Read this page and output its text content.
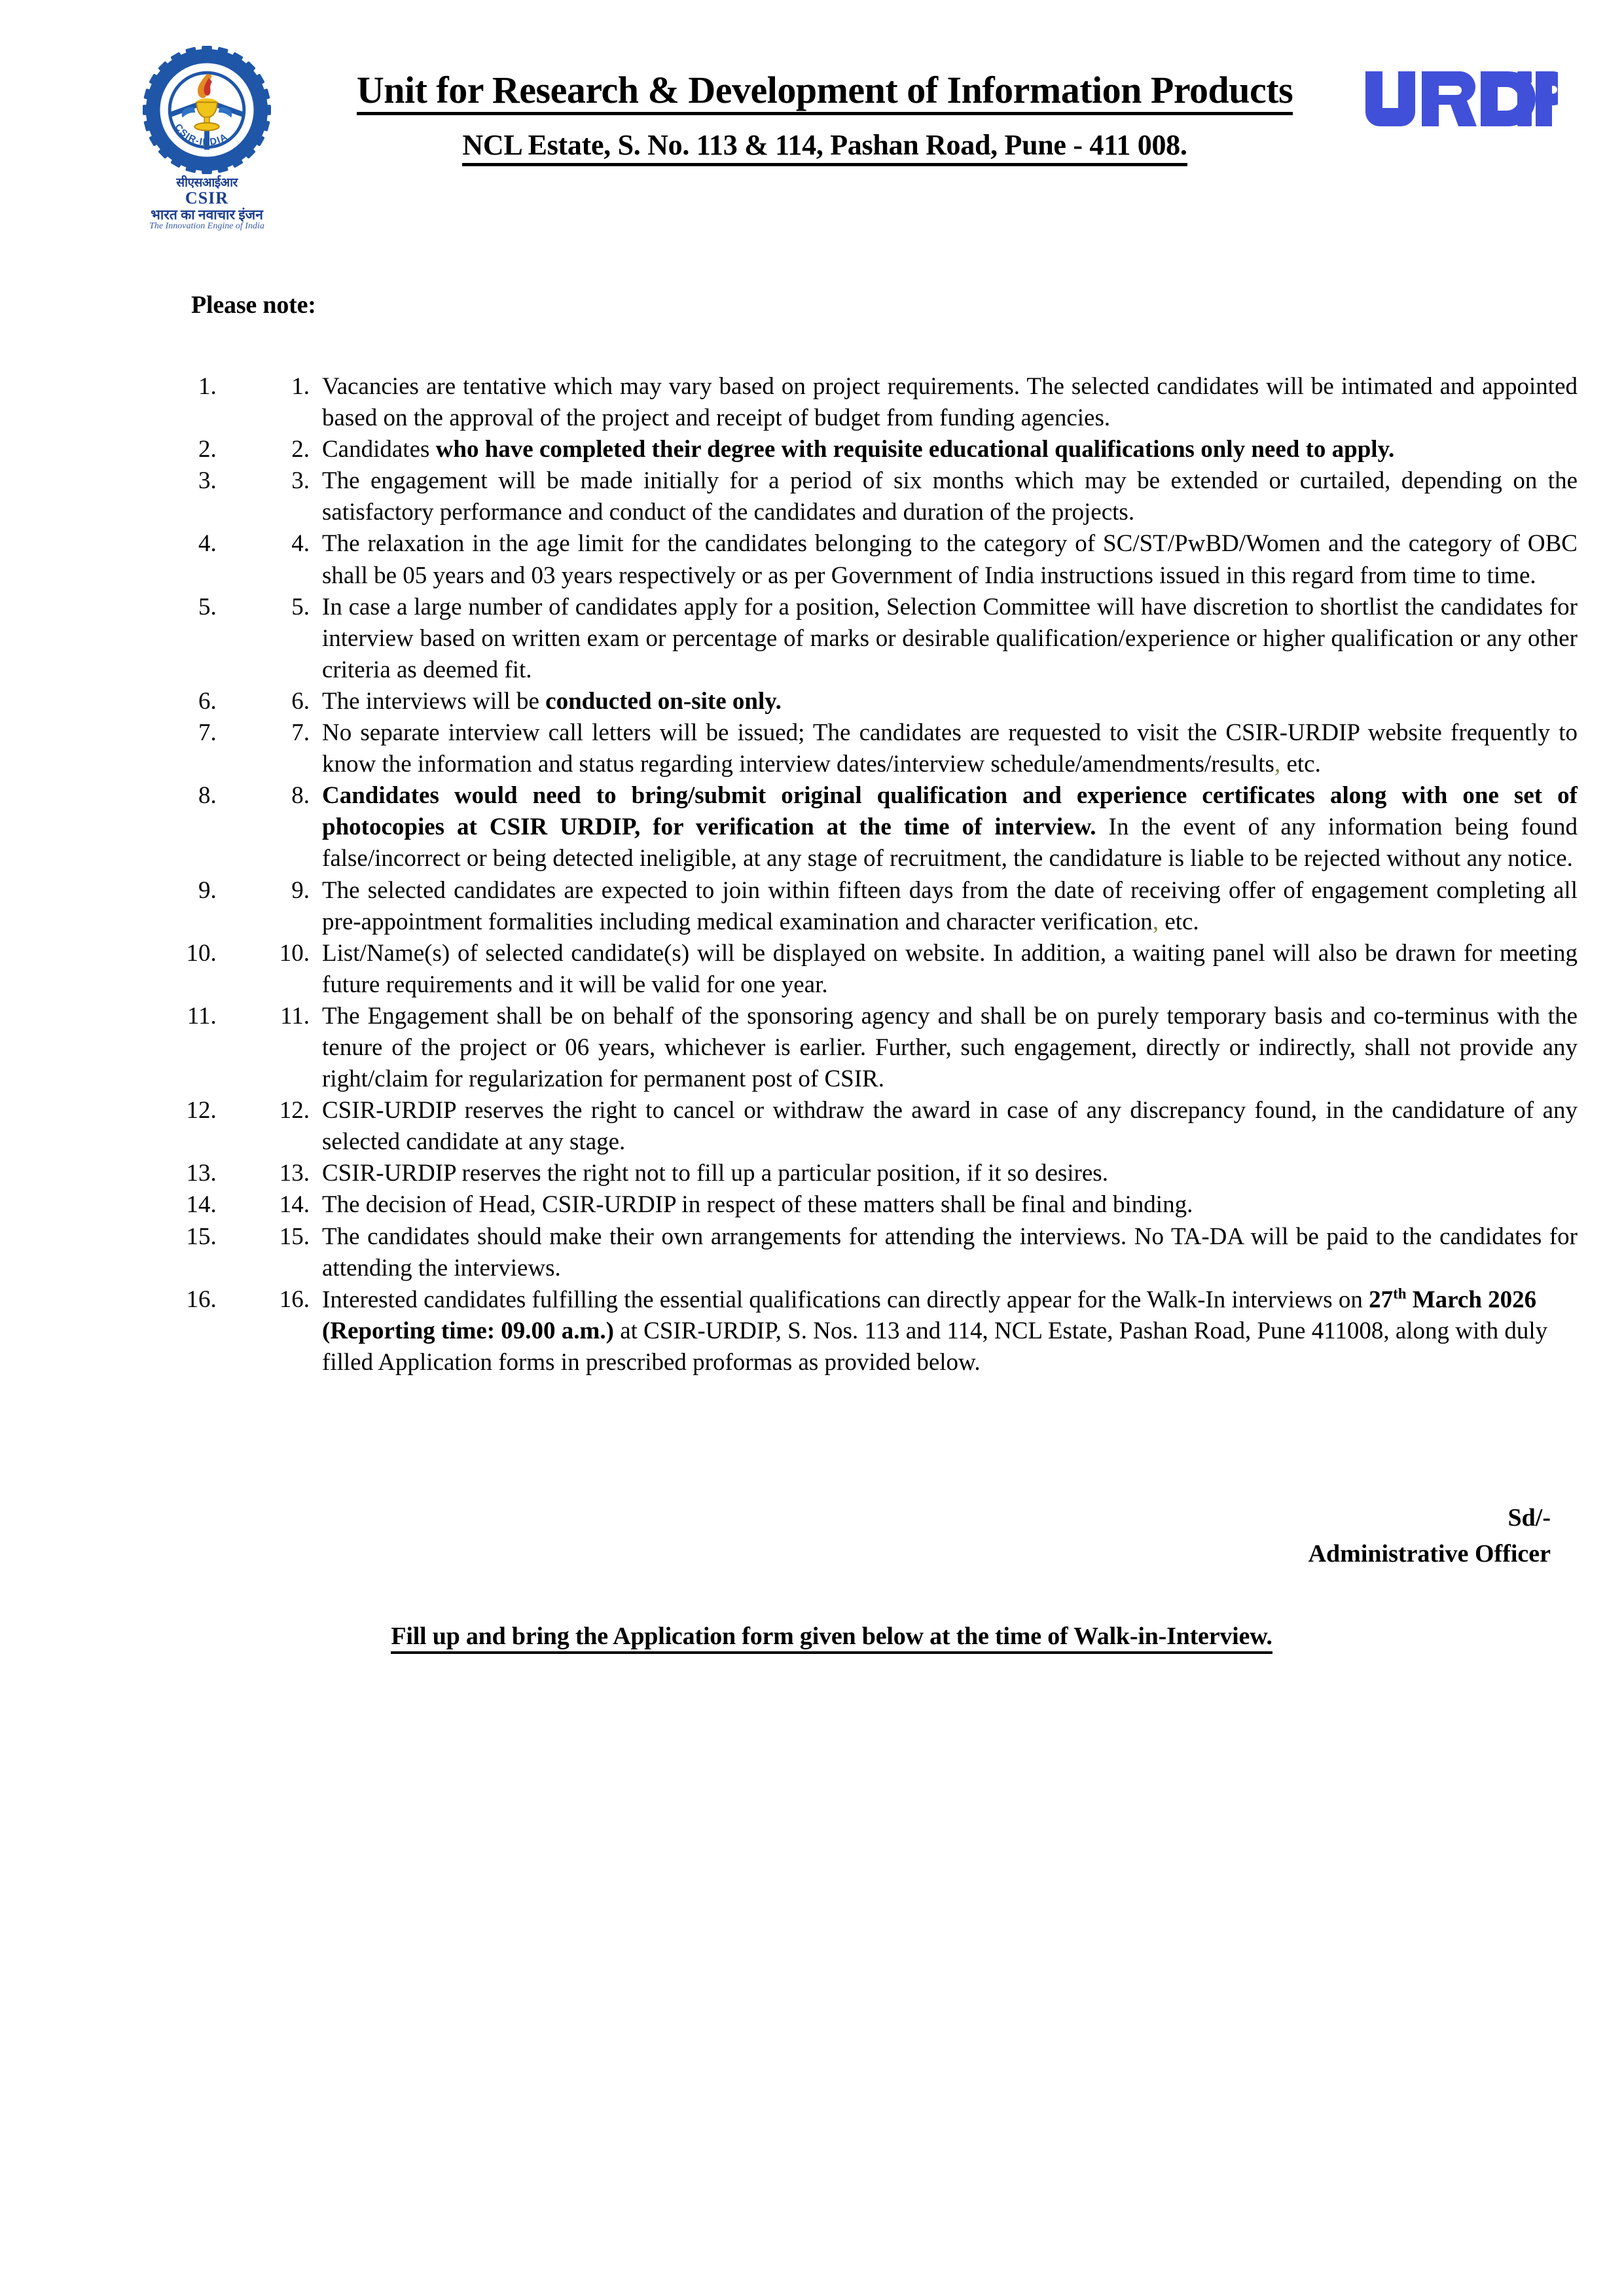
CSIR-INDIA
सीएसआईआर
CSIR
भारत का नवाचार इंजन
The Innovation Engine of India
Unit for Research & Development of Information Products
NCL Estate, S. No. 113 & 114, Pashan Road, Pune - 411 008.
Please note:
1. 1. Vacancies are tentative which may vary based on project requirements. The selected candidates will be intimated and appointed based on the approval of the project and receipt of budget from funding agencies.
2. 2. Candidates who have completed their degree with requisite educational qualifications only need to apply.
3. 3. The engagement will be made initially for a period of six months which may be extended or curtailed, depending on the satisfactory performance and conduct of the candidates and duration of the projects.
4. 4. The relaxation in the age limit for the candidates belonging to the category of SC/ST/PwBD/Women and the category of OBC shall be 05 years and 03 years respectively or as per Government of India instructions issued in this regard from time to time.
5. 5. In case a large number of candidates apply for a position, Selection Committee will have discretion to shortlist the candidates for interview based on written exam or percentage of marks or desirable qualification/experience or higher qualification or any other criteria as deemed fit.
6. 6. The interviews will be conducted on-site only.
7. 7. No separate interview call letters will be issued; The candidates are requested to visit the CSIR-URDIP website frequently to know the information and status regarding interview dates/interview schedule/amendments/results, etc.
8. 8. Candidates would need to bring/submit original qualification and experience certificates along with one set of photocopies at CSIR URDIP, for verification at the time of interview. In the event of any information being found false/incorrect or being detected ineligible, at any stage of recruitment, the candidature is liable to be rejected without any notice.
9. 9. The selected candidates are expected to join within fifteen days from the date of receiving offer of engagement completing all pre-appointment formalities including medical examination and character verification, etc.
10. 10. List/Name(s) of selected candidate(s) will be displayed on website. In addition, a waiting panel will also be drawn for meeting future requirements and it will be valid for one year.
11. 11. The Engagement shall be on behalf of the sponsoring agency and shall be on purely temporary basis and co-terminus with the tenure of the project or 06 years, whichever is earlier. Further, such engagement, directly or indirectly, shall not provide any right/claim for regularization for permanent post of CSIR.
12. 12. CSIR-URDIP reserves the right to cancel or withdraw the award in case of any discrepancy found, in the candidature of any selected candidate at any stage.
13. 13. CSIR-URDIP reserves the right not to fill up a particular position, if it so desires.
14. 14. The decision of Head, CSIR-URDIP in respect of these matters shall be final and binding.
15. 15. The candidates should make their own arrangements for attending the interviews. No TA-DA will be paid to the candidates for attending the interviews.
16. 16. Interested candidates fulfilling the essential qualifications can directly appear for the Walk-In interviews on 27th March 2026 (Reporting time: 09.00 a.m.) at CSIR-URDIP, S. Nos. 113 and 114, NCL Estate, Pashan Road, Pune 411008, along with duly filled Application forms in prescribed proformas as provided below.
Sd/-
Administrative Officer
Fill up and bring the Application form given below at the time of Walk-in-Interview.
